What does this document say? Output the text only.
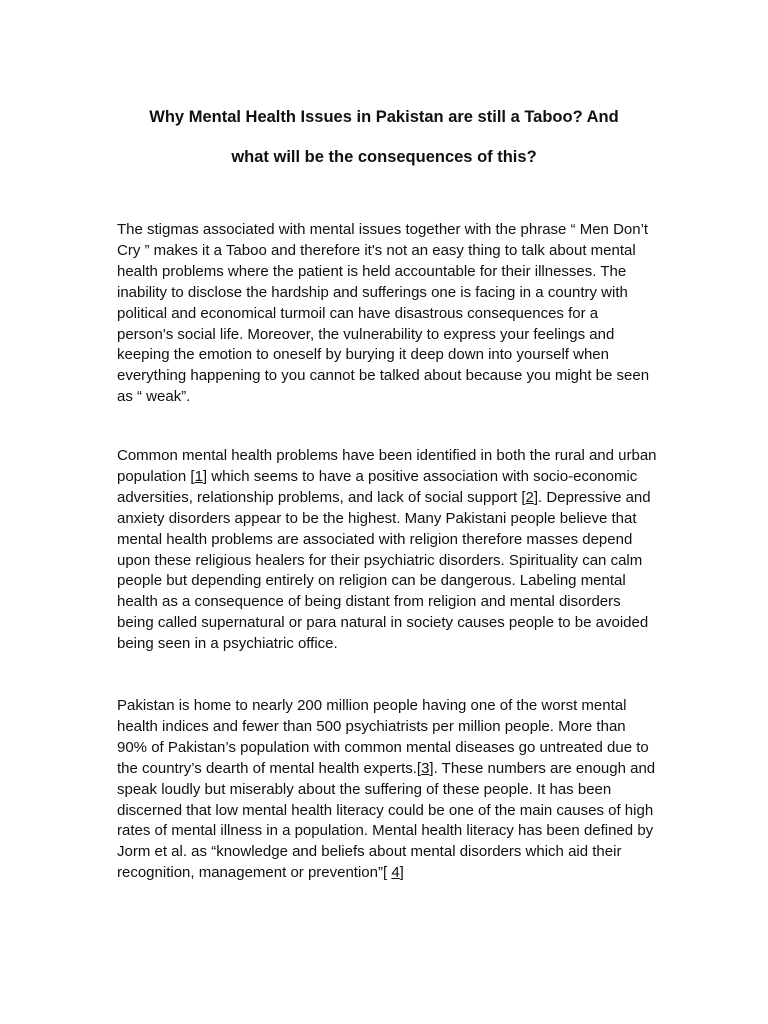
Why Mental Health Issues in Pakistan are still a Taboo? And
what will be the consequences of this?

The stigmas associated with mental issues together with the phrase “ Men Don’t Cry ” makes it a Taboo and therefore it's not an easy thing to talk about mental health problems where the patient is held accountable for their illnesses. The inability to disclose the hardship and sufferings one is facing in a country with political and economical turmoil can have disastrous consequences for a person's social life. Moreover, the vulnerability to express your feelings and keeping the emotion to oneself by burying it deep down into yourself when everything happening to you cannot be talked about because you might be seen as “ weak”.

Common mental health problems have been identified in both the rural and urban population [1] which seems to have a positive association with socio-economic adversities, relationship problems, and lack of social support [2]. Depressive and anxiety disorders appear to be the highest. Many Pakistani people believe that mental health problems are associated with religion therefore masses depend upon these religious healers for their psychiatric disorders. Spirituality can calm people but depending entirely on religion can be dangerous. Labeling mental health as a consequence of being distant from religion and mental disorders being called supernatural or para natural in society causes people to be avoided being seen in a psychiatric office.

Pakistan is home to nearly 200 million people having one of the worst mental health indices and fewer than 500 psychiatrists per million people. More than 90% of Pakistan’s population with common mental diseases go untreated due to the country’s dearth of mental health experts.[3]. These numbers are enough and speak loudly but miserably about the suffering of these people. It has been discerned that low mental health literacy could be one of the main causes of high rates of mental illness in a population. Mental health literacy has been defined by Jorm et al. as “knowledge and beliefs about mental disorders which aid their recognition, management or prevention”[ 4]
